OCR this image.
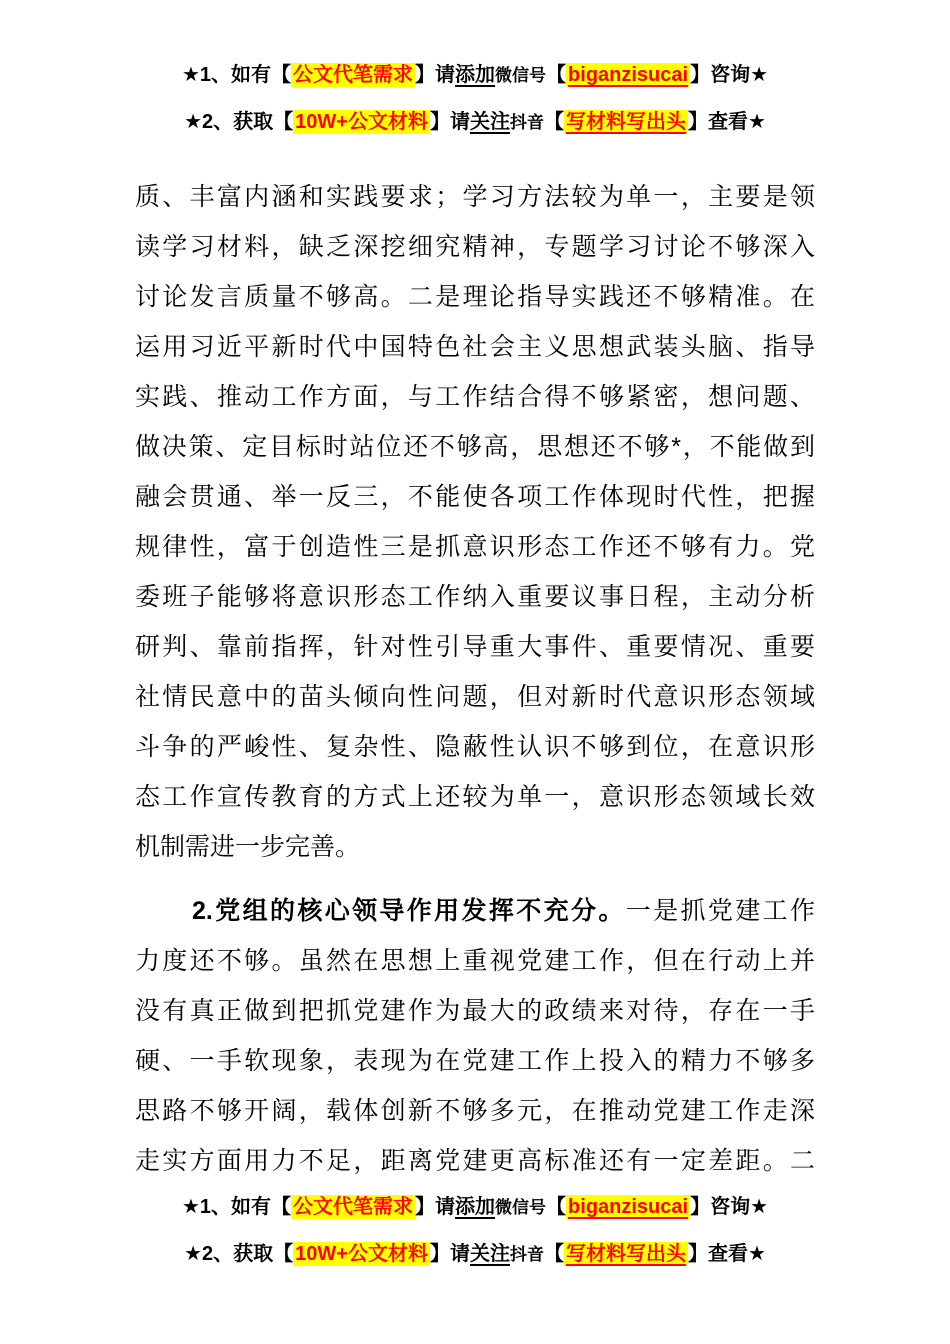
★1、如有【 公文代笔需求 】请添加微信号【 biganzisucai 】咨询★
★2、获取【 10W+公文材料 】请关注抖音【 写材料写出头 】查看★
质、丰富内涵和实践要求；学习方法较为单一，主要是领
读学习材料，缺乏深挖细究精神，专题学习讨论不够深入
讨论发言质量不够高。二是理论指导实践还不够精准。在
运用习近平新时代中国特色社会主义思想武装头脑、指导
实践、推动工作方面，与工作结合得不够紧密，想问题、
做决策、定目标时站位还不够高，思想还不够*，不能做到
融会贯通、举一反三，不能使各项工作体现时代性，把握
规律性，富于创造性三是抓意识形态工作还不够有力。党
委班子能够将意识形态工作纳入重要议事日程，主动分析
研判、靠前指挥，针对性引导重大事件、重要情况、重要
社情民意中的苗头倾向性问题，但对新时代意识形态领域
斗争的严峻性、复杂性、隐蔽性认识不够到位，在意识形
态工作宣传教育的方式上还较为单一，意识形态领域长效
机制需进一步完善。
2.党组的核心领导作用发挥不充分。一是抓党建工作
力度还不够。虽然在思想上重视党建工作，但在行动上并
没有真正做到把抓党建作为最大的政绩来对待，存在一手
硬、一手软现象，表现为在党建工作上投入的精力不够多
思路不够开阔，载体创新不够多元，在推动党建工作走深
走实方面用力不足，距离党建更高标准还有一定差距。二
★1、如有【 公文代笔需求 】请添加微信号【 biganzisucai 】咨询★
★2、获取【 10W+公文材料 】请关注抖音【 写材料写出头 】查看★
